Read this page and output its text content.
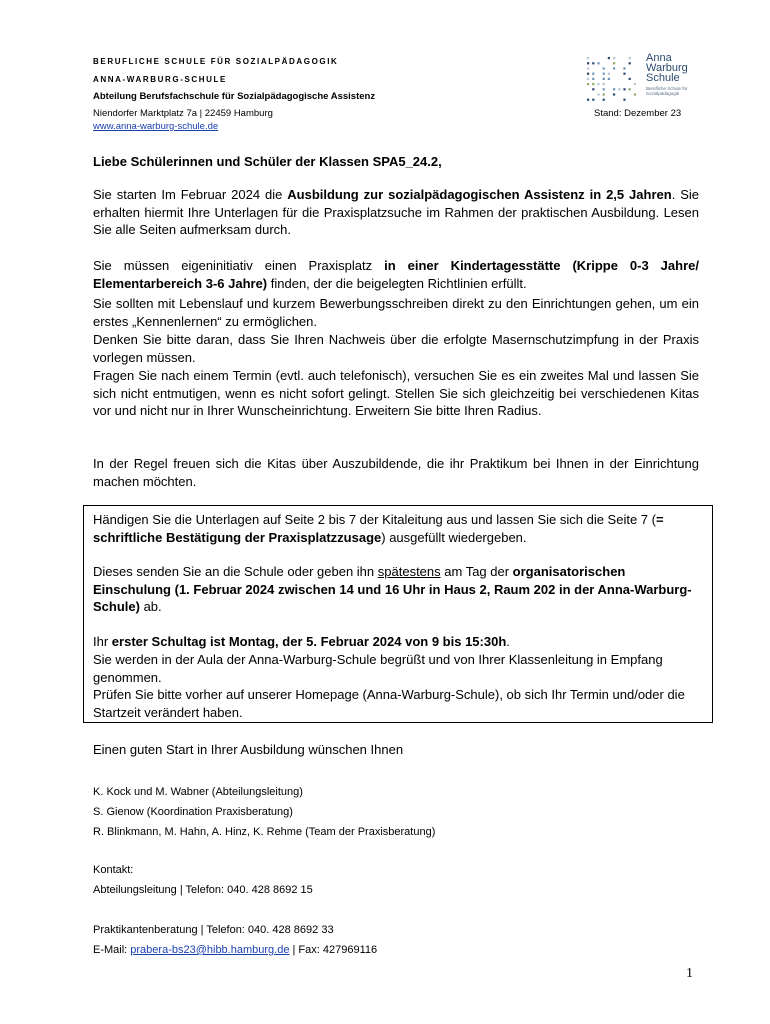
BERUFLICHE SCHULE FÜR SOZIALPÄDAGOGIK
ANNA-WARBURG-SCHULE
Abteilung Berufsfachschule für Sozialpädagogische Assistenz
Niendorfer Marktplatz 7a | 22459 Hamburg
www.anna-warburg-schule.de
Stand: Dezember 23
Anna
Warburg
Schule
Berufliche Schule für
Sozialpädagogik
Liebe Schülerinnen und Schüler der Klassen SPA5_24.2,
Sie starten Im Februar 2024 die Ausbildung zur sozialpädagogischen Assistenz in 2,5 Jahren. Sie erhalten hiermit Ihre Unterlagen für die Praxisplatzsuche im Rahmen der praktischen Ausbildung. Lesen Sie alle Seiten aufmerksam durch.
Sie müssen eigeninitiativ einen Praxisplatz in einer Kindertagesstätte (Krippe 0-3 Jahre/ Elementarbereich 3-6 Jahre) finden, der die beigelegten Richtlinien erfüllt.
Sie sollten mit Lebenslauf und kurzem Bewerbungsschreiben direkt zu den Einrichtungen gehen, um ein erstes „Kennenlernen“ zu ermöglichen.
Denken Sie bitte daran, dass Sie Ihren Nachweis über die erfolgte Masernschutzimpfung in der Praxis vorlegen müssen.
Fragen Sie nach einem Termin (evtl. auch telefonisch), versuchen Sie es ein zweites Mal und lassen Sie sich nicht entmutigen, wenn es nicht sofort gelingt. Stellen Sie sich gleichzeitig bei verschiedenen Kitas vor und nicht nur in Ihrer Wunscheinrichtung. Erweitern Sie bitte Ihren Radius.
In der Regel freuen sich die Kitas über Auszubildende, die ihr Praktikum bei Ihnen in der Einrichtung machen möchten.
Händigen Sie die Unterlagen auf Seite 2 bis 7 der Kitaleitung aus und lassen Sie sich die Seite 7 (= schriftliche Bestätigung der Praxisplatzzusage) ausgefüllt wiedergeben.
Dieses senden Sie an die Schule oder geben ihn spätestens am Tag der organisatorischen Einschulung (1. Februar 2024 zwischen 14 und 16 Uhr in Haus 2, Raum 202 in der Anna-Warburg-Schule) ab.
Ihr erster Schultag ist Montag, der 5. Februar 2024 von 9 bis 15:30h.
Sie werden in der Aula der Anna-Warburg-Schule begrüßt und von Ihrer Klassenleitung in Empfang genommen.
Prüfen Sie bitte vorher auf unserer Homepage (Anna-Warburg-Schule), ob sich Ihr Termin und/oder die Startzeit verändert haben.
Einen guten Start in Ihrer Ausbildung wünschen Ihnen
K. Kock und M. Wabner (Abteilungsleitung)
S. Gienow (Koordination Praxisberatung)
R. Blinkmann, M. Hahn, A. Hinz, K. Rehme (Team der Praxisberatung)
Kontakt:
Abteilungsleitung | Telefon: 040. 428 8692 15
Praktikantenberatung | Telefon: 040. 428 8692 33
E-Mail: prabera-bs23@hibb.hamburg.de | Fax: 427969116
1
